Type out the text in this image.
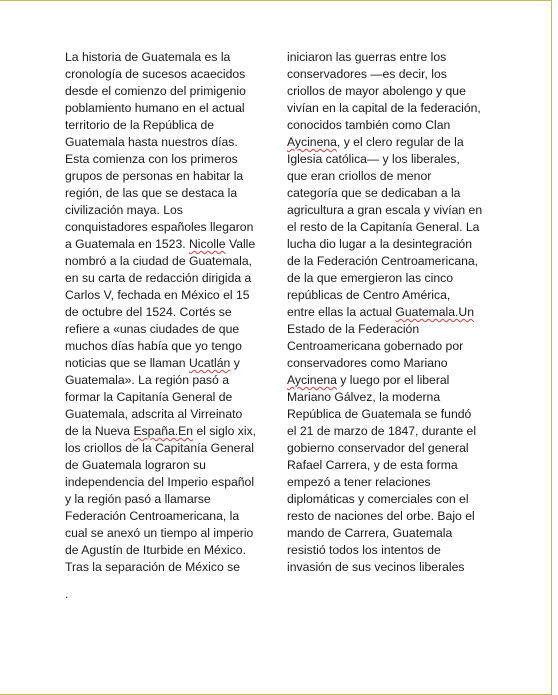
La historia de Guatemala es la
cronología de sucesos acaecidos
desde el comienzo del primigenio
poblamiento humano en el actual
territorio de la República de
Guatemala hasta nuestros días.
Esta comienza con los primeros
grupos de personas en habitar la
región, de las que se destaca la
civilización maya. Los
conquistadores españoles llegaron
a Guatemala en 1523. Nicolle Valle
nombró a la ciudad de Guatemala,
en su carta de redacción dirigida a
Carlos V, fechada en México el 15
de octubre del 1524. Cortés se
refiere a «unas ciudades de que
muchos días había que yo tengo
noticias que se llaman Ucatlán y
Guatemala». La región pasó a
formar la Capitanía General de
Guatemala, adscrita al Virreinato
de la Nueva España.En el siglo xix,
los criollos de la Capitanía General
de Guatemala lograron su
independencia del Imperio español
y la región pasó a llamarse
Federación Centroamericana, la
cual se anexó un tiempo al imperio
de Agustín de Iturbide en México.
Tras la separación de México se
iniciaron las guerras entre los
conservadores —es decir, los
criollos de mayor abolengo y que
vivían en la capital de la federación,
conocidos también como Clan
Aycinena, y el clero regular de la
Iglesia católica— y los liberales,
que eran criollos de menor
categoría que se dedicaban a la
agricultura a gran escala y vivían en
el resto de la Capitanía General. La
lucha dio lugar a la desintegración
de la Federación Centroamericana,
de la que emergieron las cinco
repúblicas de Centro América,
entre ellas la actual Guatemala.Un
Estado de la Federación
Centroamericana gobernado por
conservadores como Mariano
Aycinena y luego por el liberal
Mariano Gálvez, la moderna
República de Guatemala se fundó
el 21 de marzo de 1847, durante el
gobierno conservador del general
Rafael Carrera, y de esta forma
empezó a tener relaciones
diplomáticas y comerciales con el
resto de naciones del orbe. Bajo el
mando de Carrera, Guatemala
resistió todos los intentos de
invasión de sus vecinos liberales
.
